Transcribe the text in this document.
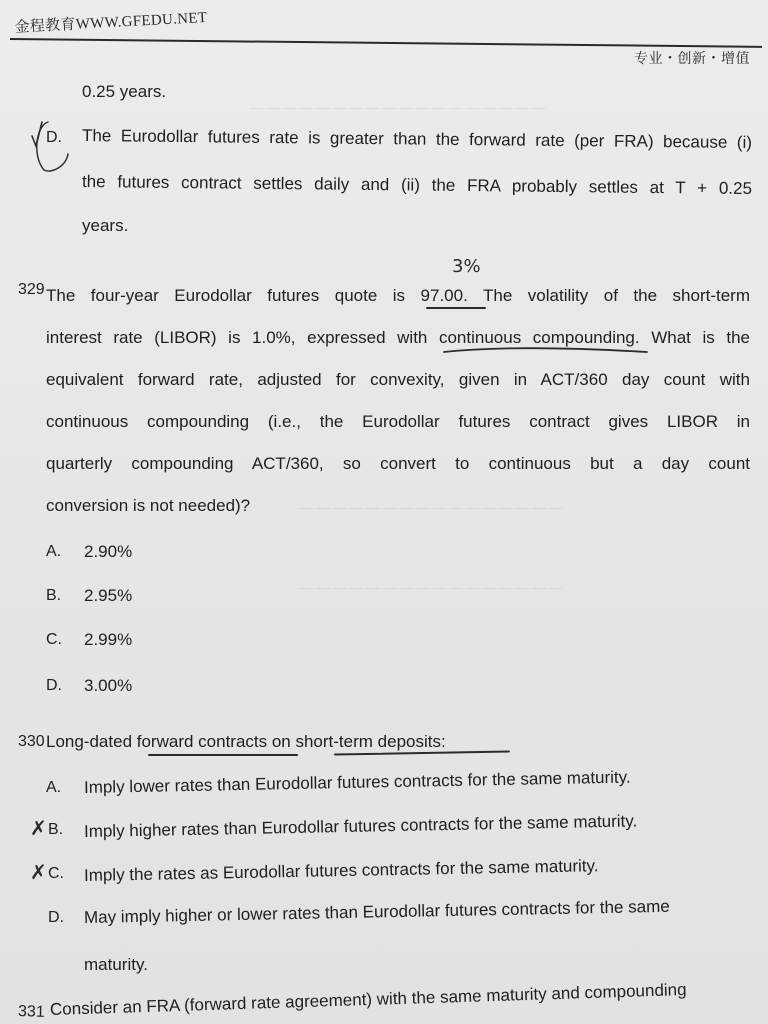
金程教育WWW.GFEDU.NET
专业・创新・增值
— — — — — — — — — — — — — — — — — —
— — — — — — — — — — — — — — — —
— — — — — — — — — — — — — — — —
0.25 years.
D. The Eurodollar futures rate is greater than the forward rate (per FRA) because (i)
the futures contract settles daily and (ii) the FRA probably settles at T + 0.25
years.
329
3%
The four-year Eurodollar futures quote is 97.00. The volatility of the short-term
interest rate (LIBOR) is 1.0%, expressed with continuous compounding. What is the
equivalent forward rate, adjusted for convexity, given in ACT/360 day count with
continuous compounding (i.e., the Eurodollar futures contract gives LIBOR in
quarterly compounding ACT/360, so convert to continuous but a day count
conversion is not needed)?
A. 2.90%
B. 2.95%
C. 2.99%
D. 3.00%
330 Long-dated forward contracts on short-term deposits:
A. Imply lower rates than Eurodollar futures contracts for the same maturity.
✗ B. Imply higher rates than Eurodollar futures contracts for the same maturity.
✗ C. Imply the rates as Eurodollar futures contracts for the same maturity.
D. May imply higher or lower rates than Eurodollar futures contracts for the same
maturity.
331 Consider an FRA (forward rate agreement) with the same maturity and compounding
